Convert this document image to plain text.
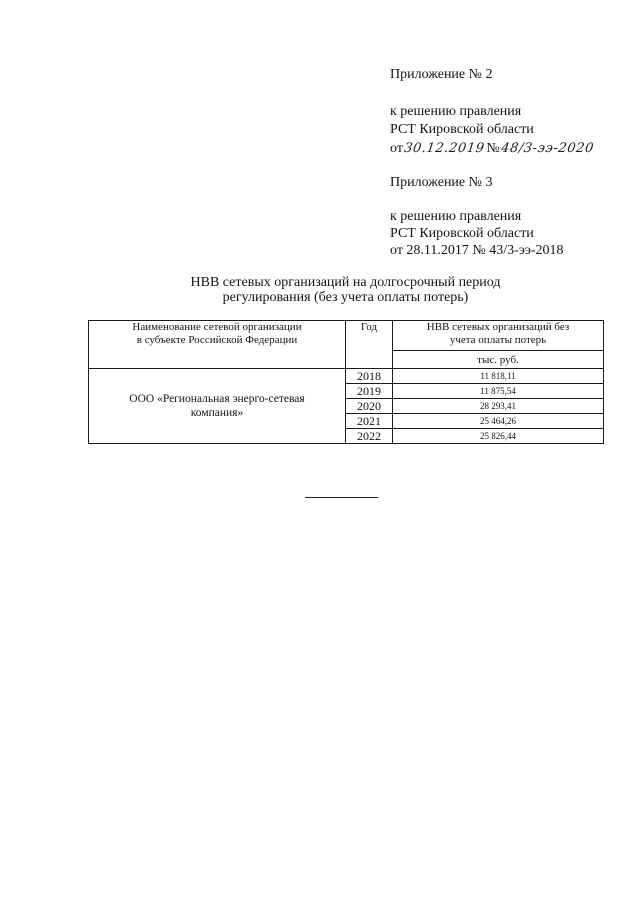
Приложение № 2
к решению правления
РСТ Кировской области
от30.12.2019№48/3-ээ-2020
Приложение № 3
к решению правления
РСТ Кировской области
от 28.11.2017 № 43/3-ээ-2018
НВВ сетевых организаций на долгосрочный период
регулирования (без учета оплаты потерь)
Наименование сетевой организации
в субъекте Российской Федерации	Год	НВВ сетевых организаций без
учета оплаты потерь

		тыс. руб.

ООО «Региональная энерго-сетевая
компания»	2018	11 818,11
	2019	11 875,54
	2020	28 293,41
	2021	25 464,26
	2022	25 826,44
